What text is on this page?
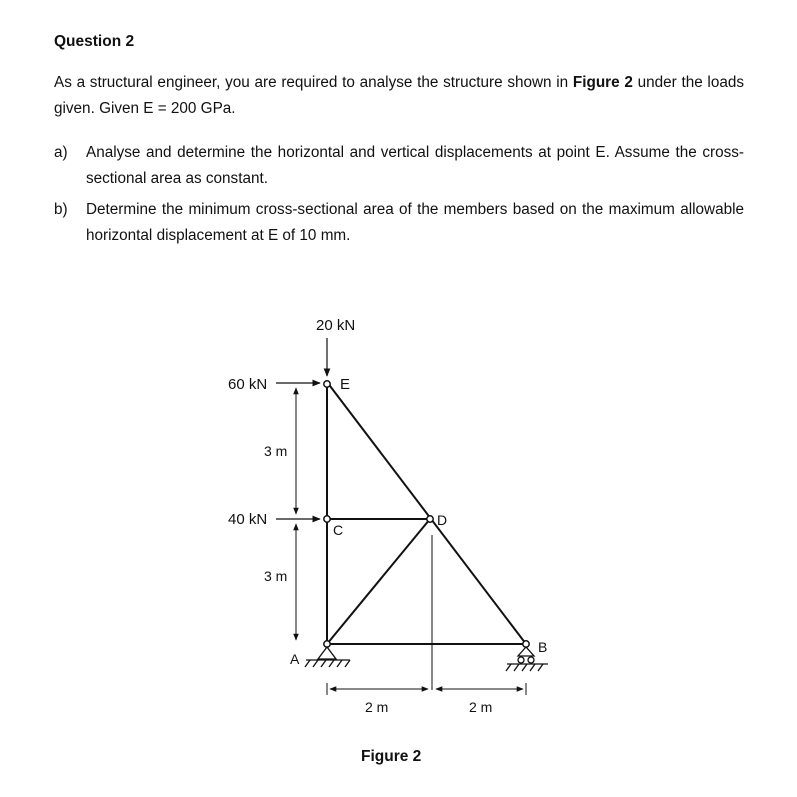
Question 2
As a structural engineer, you are required to analyse the structure shown in Figure 2 under the loads given. Given E = 200 GPa.
a) Analyse and determine the horizontal and vertical displacements at point E. Assume the cross-sectional area as constant.
b) Determine the minimum cross-sectional area of the members based on the maximum allowable horizontal displacement at E of 10 mm.
20 kN
60 kN
40 kN
E
C
D
A
B
3 m
3 m
2 m	2 m
Figure 2
